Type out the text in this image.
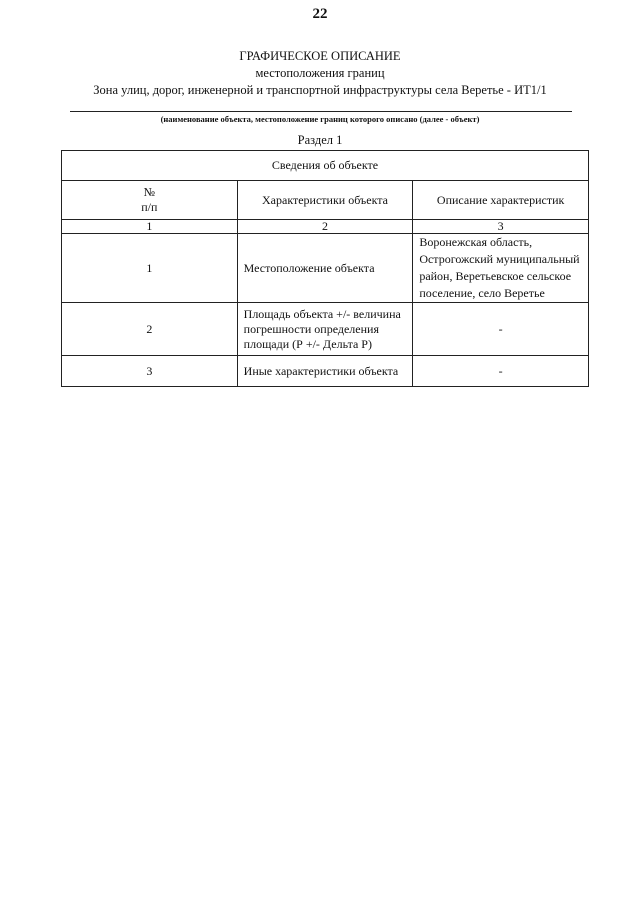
22
ГРАФИЧЕСКОЕ ОПИСАНИЕ
местоположения границ
Зона улиц, дорог, инженерной и транспортной инфраструктуры села Веретье - ИТ1/1
(наименование объекта, местоположение границ которого описано (далее - объект)
Раздел 1
Сведения об объекте		

№
п/п	Характеристики объекта	Описание характеристик
1	2	3
1	Местоположение объекта	Воронежская область, Острогожский муниципальный район, Веретьевское сельское поселение, село Веретье
2	Площадь объекта +/- величина погрешности определения площади (Р +/- Дельта Р)	-
3	Иные характеристики объекта	-
